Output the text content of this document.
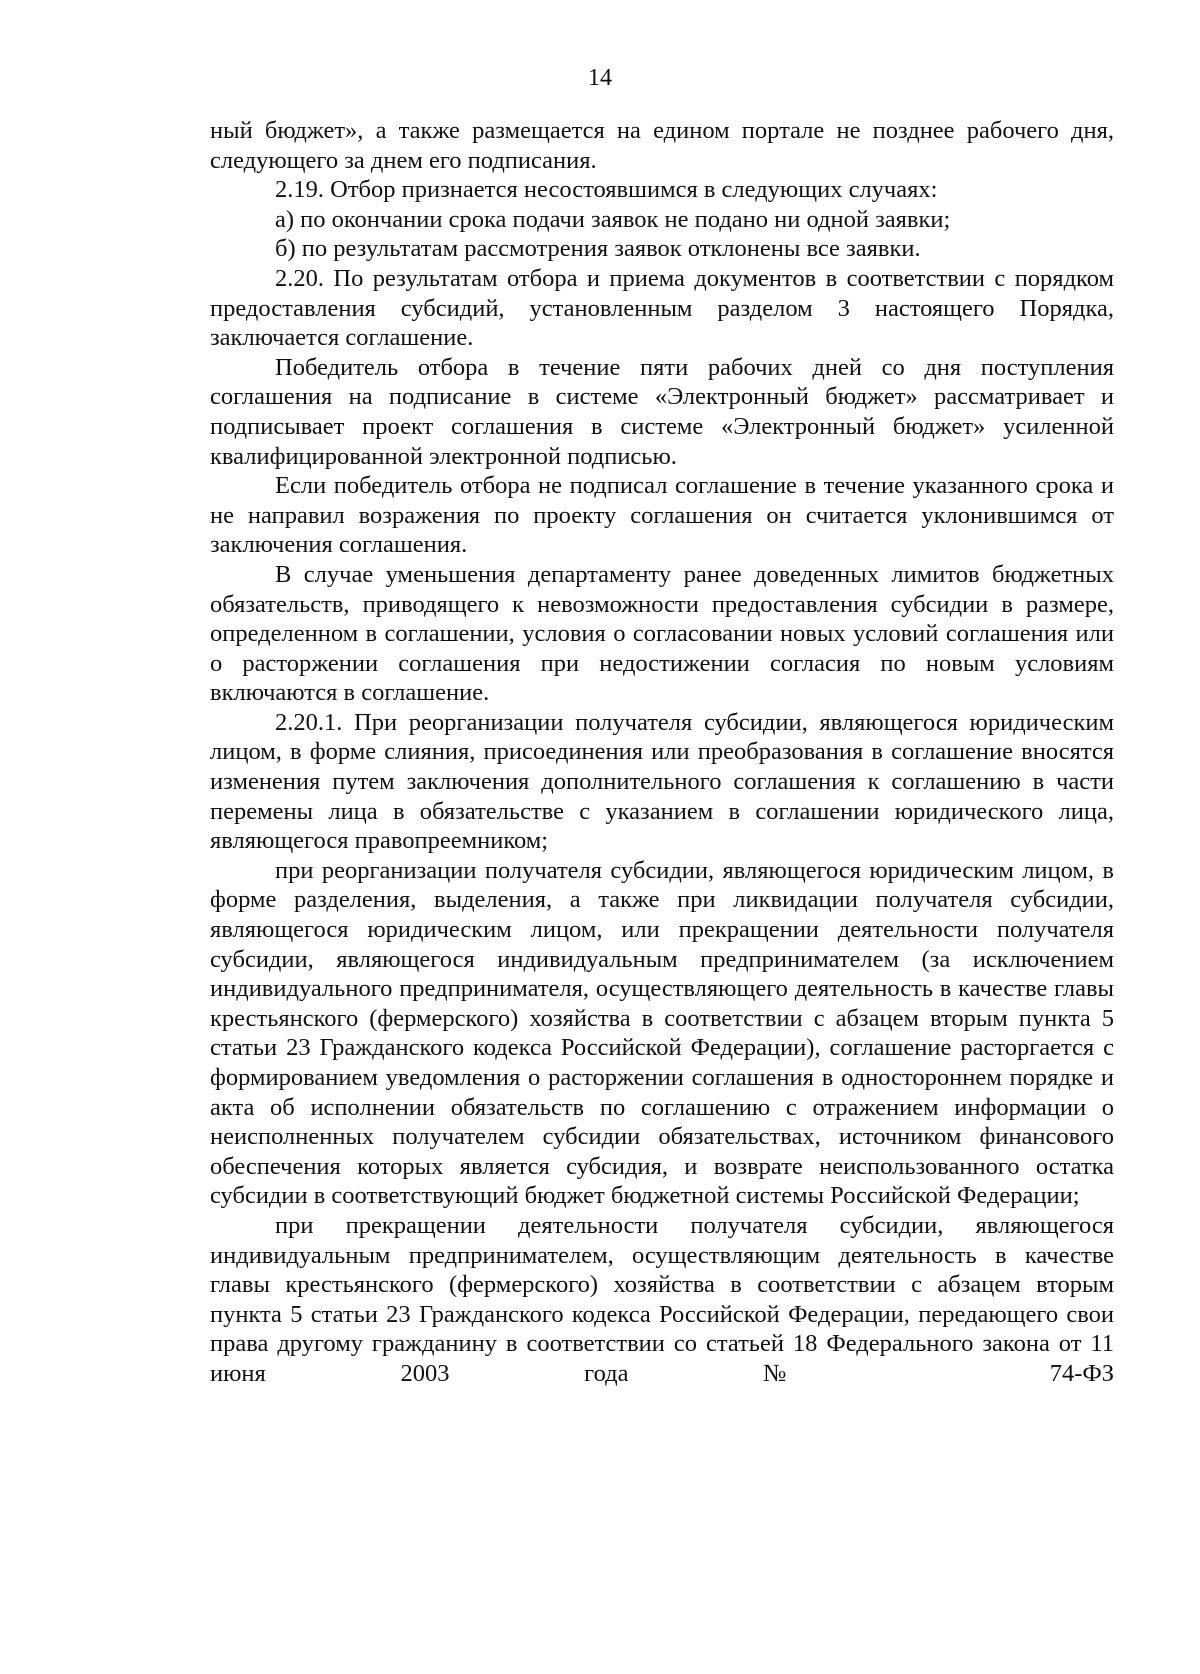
14

ный бюджет», а также размещается на едином портале не позднее рабочего дня, следующего за днем его подписания.

2.19. Отбор признается несостоявшимся в следующих случаях:

а) по окончании срока подачи заявок не подано ни одной заявки;

б) по результатам рассмотрения заявок отклонены все заявки.

2.20. По результатам отбора и приема документов в соответствии с порядком предоставления субсидий, установленным разделом 3 настоящего Порядка, заключается соглашение.

Победитель отбора в течение пяти рабочих дней со дня поступления соглашения на подписание в системе «Электронный бюджет» рассматривает и подписывает проект соглашения в системе «Электронный бюджет» усиленной квалифицированной электронной подписью.

Если победитель отбора не подписал соглашение в течение указанного срока и не направил возражения по проекту соглашения он считается уклонившимся от заключения соглашения.

В случае уменьшения департаменту ранее доведенных лимитов бюджетных обязательств, приводящего к невозможности предоставления субсидии в размере, определенном в соглашении, условия о согласовании новых условий соглашения или о расторжении соглашения при недостижении согласия по новым условиям включаются в соглашение.

2.20.1. При реорганизации получателя субсидии, являющегося юридическим лицом, в форме слияния, присоединения или преобразования в соглашение вносятся изменения путем заключения дополнительного соглашения к соглашению в части перемены лица в обязательстве с указанием в соглашении юридического лица, являющегося правопреемником;

при реорганизации получателя субсидии, являющегося юридическим лицом, в форме разделения, выделения, а также при ликвидации получателя субсидии, являющегося юридическим лицом, или прекращении деятельности получателя субсидии, являющегося индивидуальным предпринимателем (за исключением индивидуального предпринимателя, осуществляющего деятельность в качестве главы крестьянского (фермерского) хозяйства в соответствии с абзацем вторым пункта 5 статьи 23 Гражданского кодекса Российской Федерации), соглашение расторгается с формированием уведомления о расторжении соглашения в одностороннем порядке и акта об исполнении обязательств по соглашению с отражением информации о неисполненных получателем субсидии обязательствах, источником финансового обеспечения которых является субсидия, и возврате неиспользованного остатка субсидии в соответствующий бюджет бюджетной системы Российской Федерации;

при прекращении деятельности получателя субсидии, являющегося индивидуальным предпринимателем, осуществляющим деятельность в качестве главы крестьянского (фермерского) хозяйства в соответствии с абзацем вторым пункта 5 статьи 23 Гражданского кодекса Российской Федерации, передающего свои права другому гражданину в соответствии со статьей 18 Федерального закона от 11 июня 2003 года № 74-ФЗ
